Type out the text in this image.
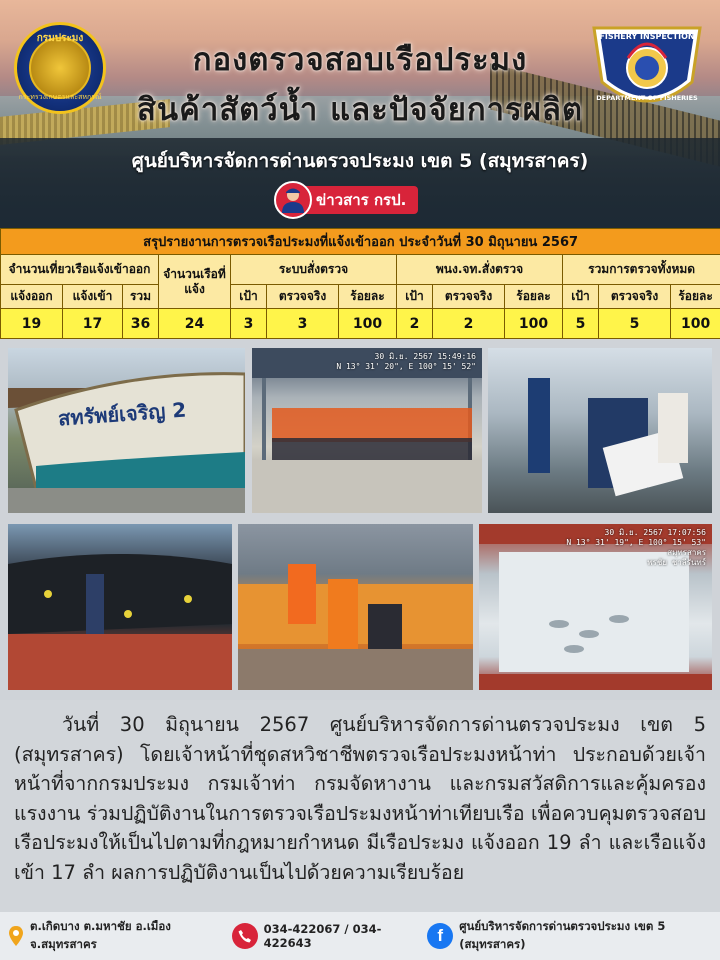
กรมประมง
กระทรวงเกษตรและสหกรณ์
FISHERY INSPECTION
DEPARTMENT OF FISHERIES
กองตรวจสอบเรือประมง
สินค้าสัตว์น้ำ และปัจจัยการผลิต
ศูนย์บริหารจัดการด่านตรวจประมง เขต 5 (สมุทรสาคร)
ข่าวสาร กรป.
สรุปรายงานการตรวจเรือประมงที่แจ้งเข้าออก ประจำวันที่ 30 มิถุนายน 2567												
จำนวนเที่ยวเรือแจ้งเข้าออก			จำนวนเรือที่แจ้ง	ระบบสั่งตรวจ			พนง.จท.สั่งตรวจ			รวมการตรวจทั้งหมด		
แจ้งออก	แจ้งเข้า	รวม		เป้า	ตรวจจริง	ร้อยละ	เป้า	ตรวจจริง	ร้อยละ	เป้า	ตรวจจริง	ร้อยละ
19	17	36	24	3	3	100	2	2	100	5	5	100
สทรัพย์เจริญ 2
30 มิ.ย. 2567 15:49:16
N 13° 31' 20", E 100° 15' 52"
30 มิ.ย. 2567 17:07:56
N 13° 31' 19", E 100° 15' 53"
สมุทรสาคร
พรชัย ชาลีรันทร์
วันที่ 30 มิถุนายน 2567 ศูนย์บริหารจัดการด่านตรวจประมง เขต 5 (สมุทรสาคร) โดยเจ้าหน้าที่ชุดสหวิชาชีพตรวจเรือประมงหน้าท่า ประกอบด้วยเจ้าหน้าที่จากกรมประมง กรมเจ้าท่า กรมจัดหางาน และกรมสวัสดิการและคุ้มครองแรงงาน ร่วมปฏิบัติงานในการตรวจเรือประมงหน้าท่าเทียบเรือ เพื่อควบคุมตรวจสอบเรือประมงให้เป็นไปตามที่กฎหมายกำหนด มีเรือประมง แจ้งออก 19 ลำ และเรือแจ้งเข้า 17 ลำ ผลการปฏิบัติงานเป็นไปด้วยความเรียบร้อย
ต.เกิดบาง ต.มหาชัย อ.เมือง จ.สมุทรสาคร
034-422067 / 034-422643	f ศูนย์บริหารจัดการด่านตรวจประมง เขต 5 (สมุทรสาคร)
